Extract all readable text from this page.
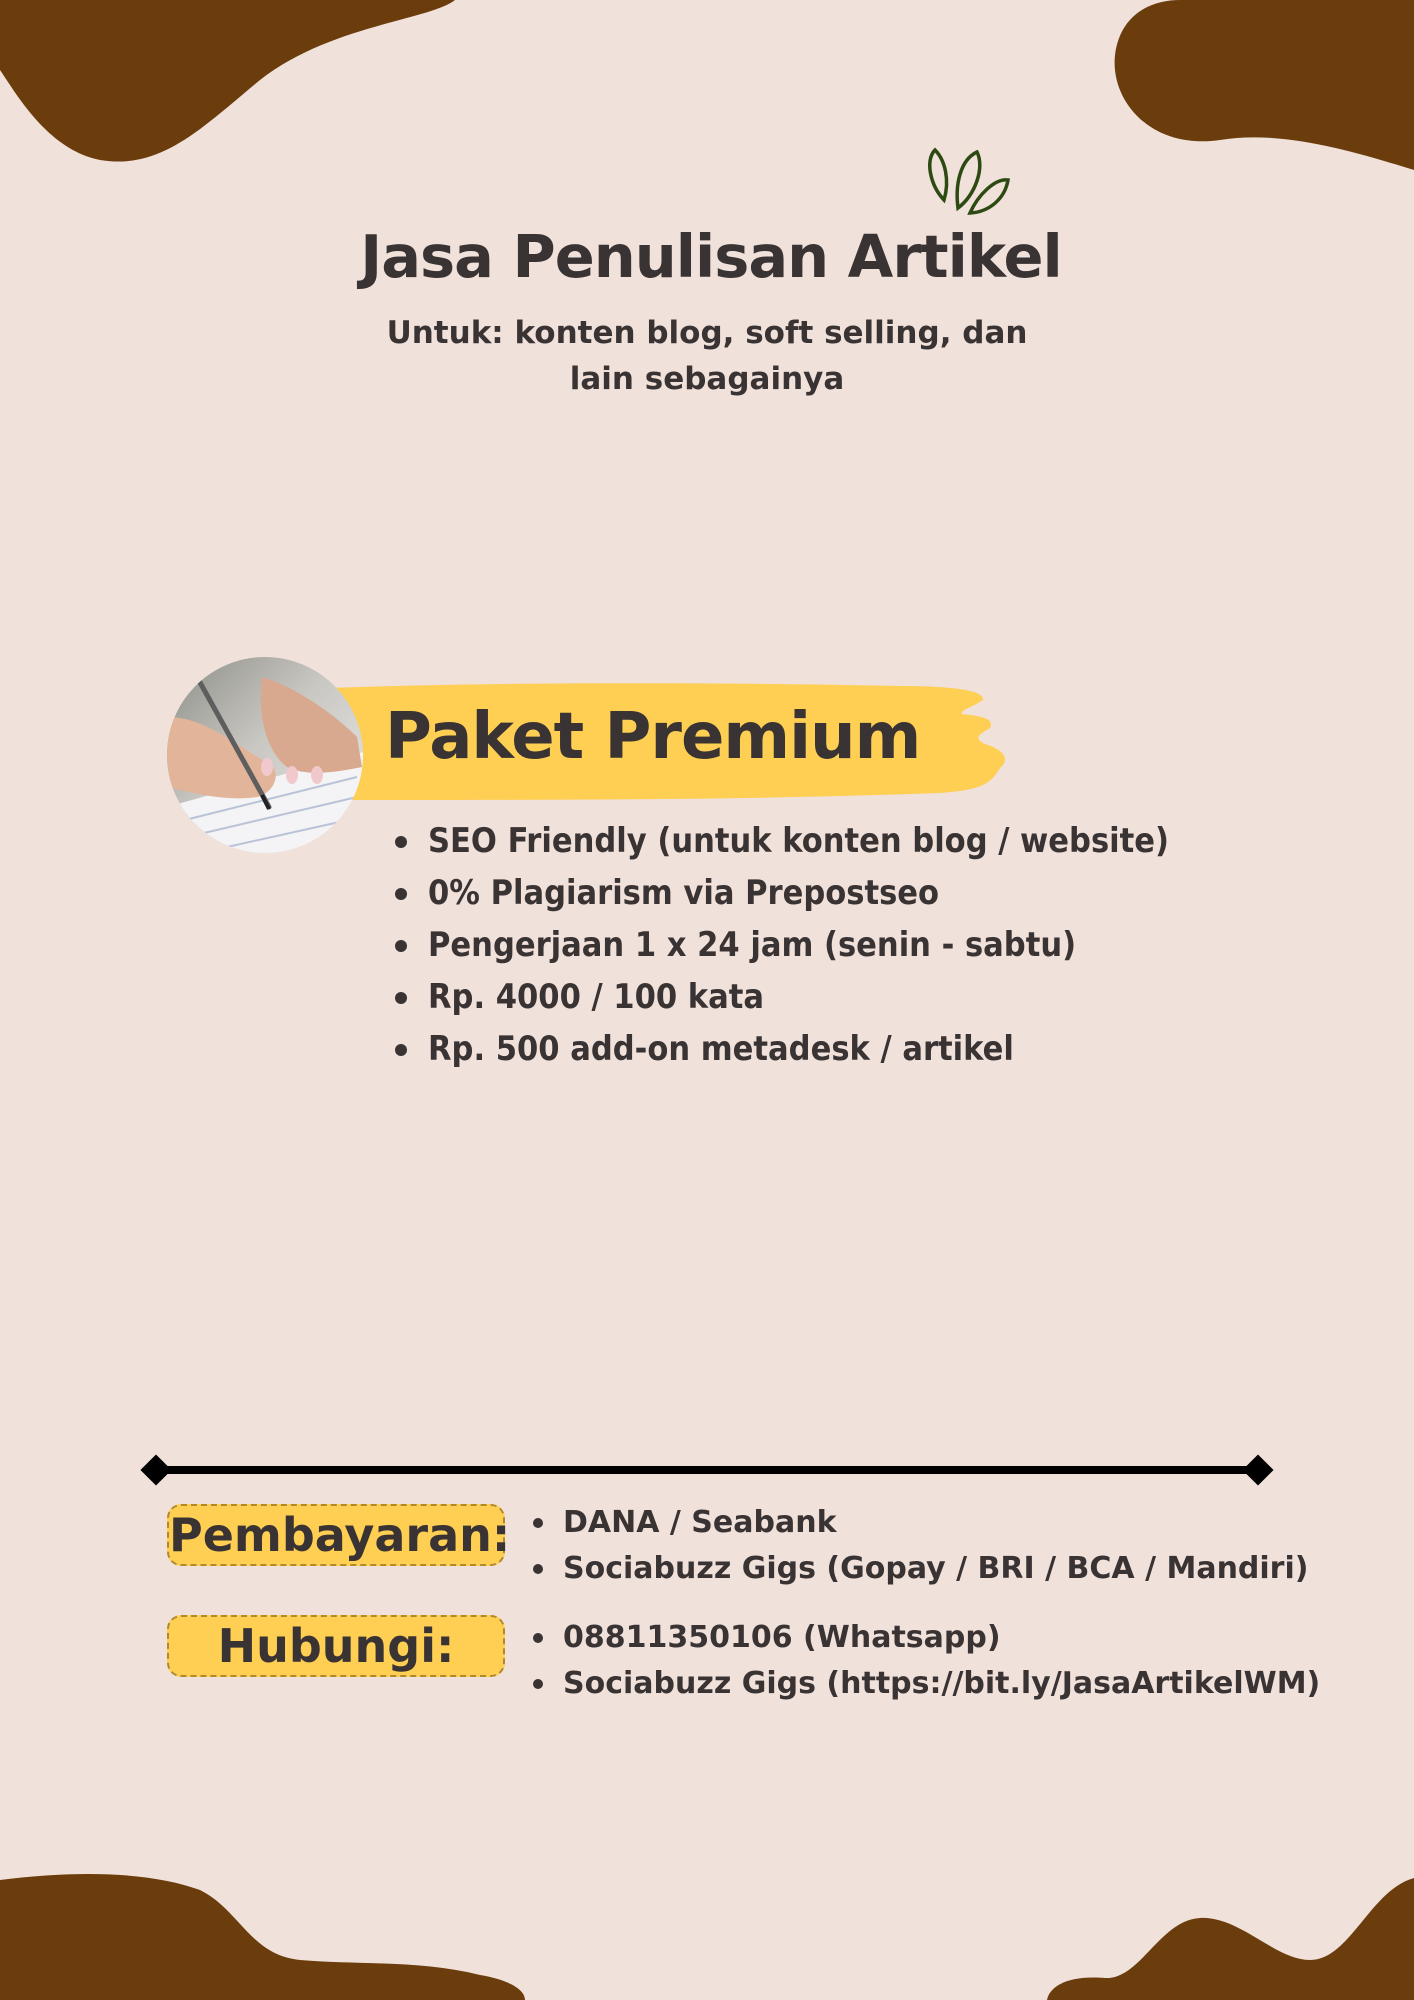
Jasa Penulisan Artikel
Untuk: konten blog, soft selling, dan lain sebagainya
Paket Premium
SEO Friendly (untuk konten blog / website)
0% Plagiarism via Prepostseo
Pengerjaan 1 x 24 jam (senin - sabtu)
Rp. 4000 / 100 kata
Rp. 500 add-on metadesk / artikel
Pembayaran:	DANA / Seabank
Sociabuzz Gigs (Gopay / BRI / BCA / Mandiri)
Hubungi:	08811350106 (Whatsapp)
Sociabuzz Gigs (https://bit.ly/JasaArtikelWM)
